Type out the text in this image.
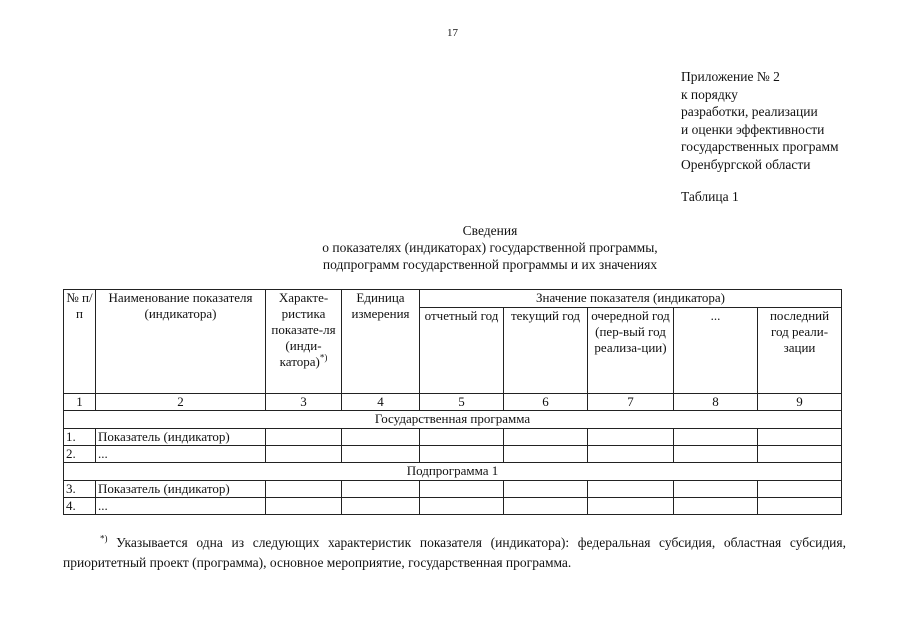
17
Приложение № 2
к порядку
разработки, реализации
и оценки эффективности
государственных программ
Оренбургской области
Таблица 1
Сведения
о показателях (индикаторах) государственной программы,
подпрограмм государственной программы и их значениях
№ п/п	Наименование показателя (индикатора)	Характе-ристика показате-ля (инди-катора)*)	Единица измерения	Значение показателя (индикатора)				
				отчетный год	текущий год	очередной год (пер-вый год реализа-ции)	...	последний год реали-зации
1	2	3	4	5	6	7	8	9
Государственная программа								
1.	Показатель (индикатор)							
2.	...							
Подпрограмма 1								
3.	Показатель (индикатор)							
4.	...							
*) Указывается одна из следующих характеристик показателя (индикатора): федеральная субсидия, областная субсидия, приоритетный проект (программа), основное мероприятие, государственная программа.
